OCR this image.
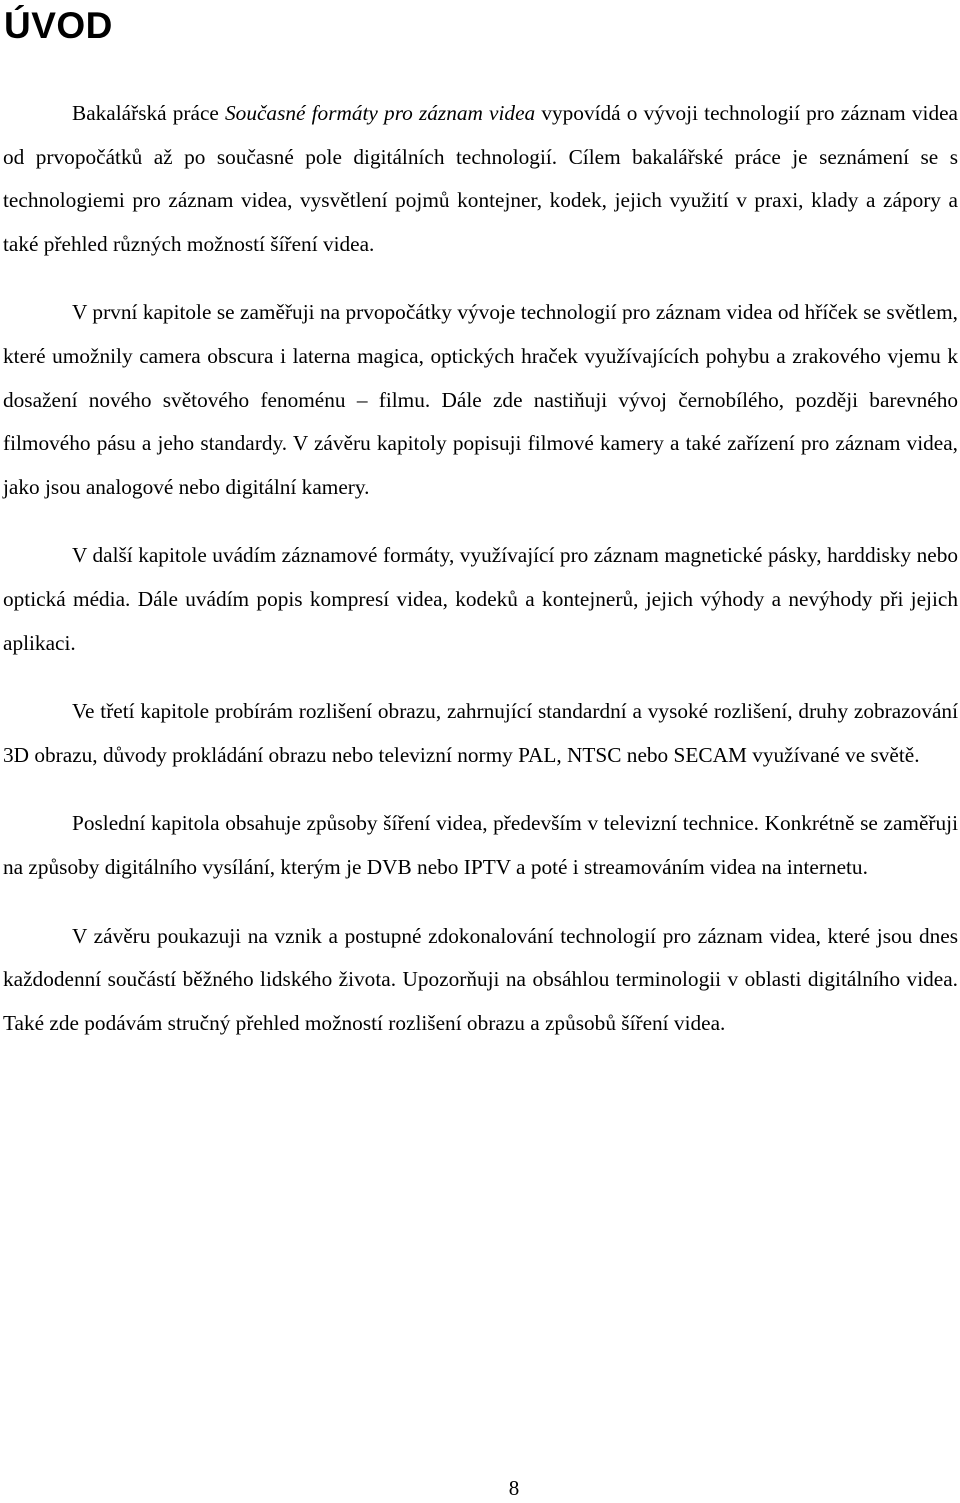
ÚVOD

Bakalářská práce Současné formáty pro záznam videa vypovídá o vývoji technologií pro záznam videa od prvopočátků až po současné pole digitálních technologií. Cílem bakalářské práce je seznámení se s technologiemi pro záznam videa, vysvětlení pojmů kontejner, kodek, jejich využití v praxi, klady a zápory a také přehled různých možností šíření videa.

V první kapitole se zaměřuji na prvopočátky vývoje technologií pro záznam videa od hříček se světlem, které umožnily camera obscura i laterna magica, optických hraček využívajících pohybu a zrakového vjemu k dosažení nového světového fenoménu – filmu. Dále zde nastiňuji vývoj černobílého, později barevného filmového pásu a jeho standardy. V závěru kapitoly popisuji filmové kamery a také zařízení pro záznam videa, jako jsou analogové nebo digitální kamery.

V další kapitole uvádím záznamové formáty, využívající pro záznam magnetické pásky, harddisky nebo optická média. Dále uvádím popis kompresí videa, kodeků a kontejnerů, jejich výhody a nevýhody při jejich aplikaci.

Ve třetí kapitole probírám rozlišení obrazu, zahrnující standardní a vysoké rozlišení, druhy zobrazování 3D obrazu, důvody prokládání obrazu nebo televizní normy PAL, NTSC nebo SECAM využívané ve světě.

Poslední kapitola obsahuje způsoby šíření videa, především v televizní technice. Konkrétně se zaměřuji na způsoby digitálního vysílání, kterým je DVB nebo IPTV a poté i streamováním videa na internetu.

V závěru poukazuji na vznik a postupné zdokonalování technologií pro záznam videa, které jsou dnes každodenní součástí běžného lidského života. Upozorňuji na obsáhlou terminologii v oblasti digitálního videa. Také zde podávám stručný přehled možností rozlišení obrazu a způsobů šíření videa.

8
